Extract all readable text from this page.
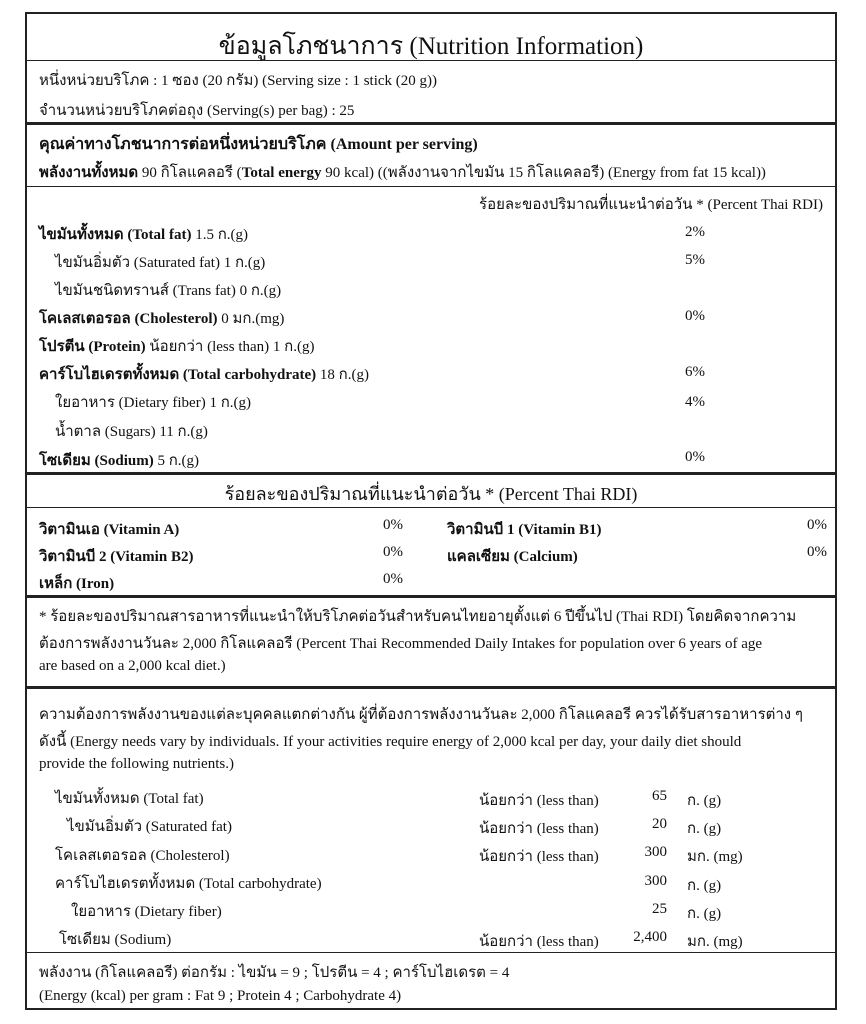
ข้อมูลโภชนาการ (Nutrition Information)
หนึ่งหน่วยบริโภค : 1 ซอง (20 กรัม) (Serving size : 1 stick (20 g))
จำนวนหน่วยบริโภคต่อถุง (Serving(s) per bag) : 25
คุณค่าทางโภชนาการต่อหนึ่งหน่วยบริโภค (Amount per serving)
พลังงานทั้งหมด 90 กิโลแคลอรี (Total energy 90 kcal) ((พลังงานจากไขมัน 15 กิโลแคลอรี) (Energy from fat 15 kcal))
ร้อยละของปริมาณที่แนะนำต่อวัน * (Percent Thai RDI)
ไขมันทั้งหมด (Total fat) 1.5 ก.(g)	2%
ไขมันอิ่มตัว (Saturated fat) 1 ก.(g)	5%
ไขมันชนิดทรานส์ (Trans fat) 0 ก.(g)
โคเลสเตอรอล (Cholesterol) 0 มก.(mg)	0%
โปรตีน (Protein) น้อยกว่า (less than) 1 ก.(g)
คาร์โบไฮเดรตทั้งหมด (Total carbohydrate) 18 ก.(g)	6%
ใยอาหาร (Dietary fiber) 1 ก.(g)	4%
น้ำตาล (Sugars) 11 ก.(g)
โซเดียม (Sodium) 5 ก.(g)	0%
ร้อยละของปริมาณที่แนะนำต่อวัน * (Percent Thai RDI)
วิตามินเอ (Vitamin A)	0%	วิตามินบี 1 (Vitamin B1)	0%
วิตามินบี 2 (Vitamin B2)	0%	แคลเซียม (Calcium)	0%
เหล็ก (Iron)	0%
* ร้อยละของปริมาณสารอาหารที่แนะนำให้บริโภคต่อวันสำหรับคนไทยอายุตั้งแต่ 6 ปีขึ้นไป (Thai RDI) โดยคิดจากความ
ต้องการพลังงานวันละ 2,000 กิโลแคลอรี (Percent Thai Recommended Daily Intakes for population over 6 years of age
are based on a 2,000 kcal diet.)
ความต้องการพลังงานของแต่ละบุคคลแตกต่างกัน ผู้ที่ต้องการพลังงานวันละ 2,000 กิโลแคลอรี ควรได้รับสารอาหารต่าง ๆ
ดังนี้ (Energy needs vary by individuals. If your activities require energy of 2,000 kcal per day, your daily diet should
provide the following nutrients.)
ไขมันทั้งหมด (Total fat)	น้อยกว่า (less than)	65 ก. (g)
ไขมันอิ่มตัว (Saturated fat)	น้อยกว่า (less than)	20 ก. (g)
โคเลสเตอรอล (Cholesterol)	น้อยกว่า (less than)	300 มก. (mg)
คาร์โบไฮเดรตทั้งหมด (Total carbohydrate)	300 ก. (g)
ใยอาหาร (Dietary fiber)	25 ก. (g)
โซเดียม (Sodium)	น้อยกว่า (less than) 2,400 มก. (mg)
พลังงาน (กิโลแคลอรี) ต่อกรัม : ไขมัน = 9 ; โปรตีน = 4 ; คาร์โบไฮเดรต = 4
(Energy (kcal) per gram : Fat 9 ; Protein 4 ; Carbohydrate 4)
